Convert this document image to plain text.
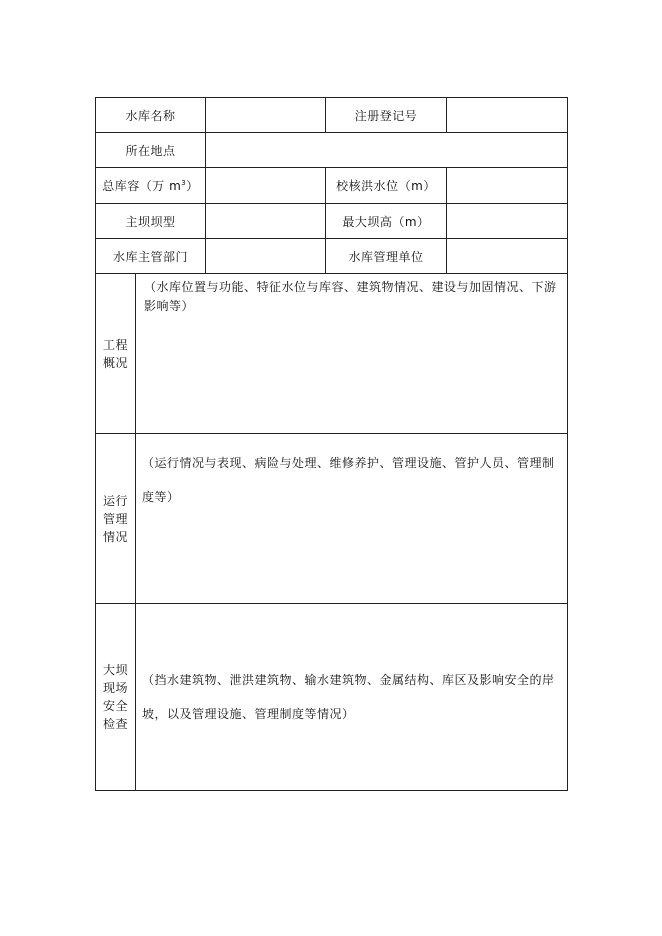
水库名称			注册登记号	
所在地点				
总库容（万 $m^3$）			校核洪水位（m）	
主坝坝型			最大坝高（m）	
水库主管部门			水库管理单位	

工程
概况	（水库位置与功能、特征水位与库容、建筑物情况、建设与加固情况、下游影响等）			

运行
管理
情况	（运行情况与表现、病险与处理、维修养护、管理设施、管护人员、管理制度等）			

大坝
现场
安全
检查	（挡水建筑物、泄洪建筑物、输水建筑物、金属结构、库区及影响安全的岸坡，以及管理设施、管理制度等情况）			
